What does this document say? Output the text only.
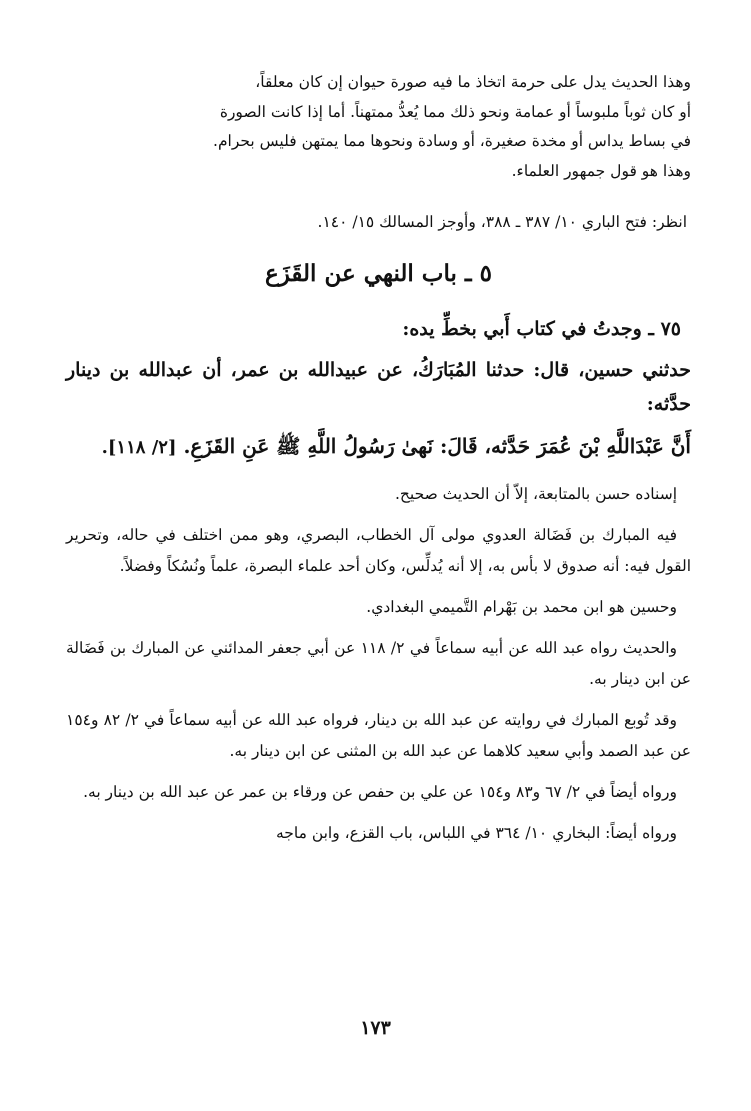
وهذا الحديث يدل على حرمة اتخاذ ما فيه صورة حيوان إن كان معلقاً،
أو كان ثوباً ملبوساً أو عمامة ونحو ذلك مما يُعدُّ ممتهناً. أما إذا كانت الصورة
في بساط يداس أو مخدة صغيرة، أو وسادة ونحوها مما يمتهن فليس بحرام.
وهذا هو قول جمهور العلماء.
انظر: فتح الباري ١٠/ ٣٨٧ ـ ٣٨٨، وأوجز المسالك ١٥/ ١٤٠.
٥ ـ باب النهي عن القَزَع
٧٥ ـ وجدتُ في كتاب أَبي بخطِّ يده:
حدثني حسين، قال: حدثنا المُبَارَكُ، عن عبيدالله بن عمر، أن عبدالله بن دينار حدَّثه:
أَنَّ عَبْدَاللَّهِ بْنَ عُمَرَ حَدَّثه، قَالَ: نَهىٰ رَسُولُ اللَّهِ ﷺ عَنِ القَزَعِ. [٢/ ١١٨].
إسناده حسن بالمتابعة، إلاّ أن الحديث صحيح.
فيه المبارك بن فَضَالة العدوي مولى آل الخطاب، البصري، وهو ممن اختلف في حاله، وتحرير القول فيه: أنه صدوق لا بأس به، إلا أنه يُدلِّس، وكان أحد علماء البصرة، علماً ونُسُكاً وفضلاً.
وحسين هو ابن محمد بن بَهْرام التَّميمي البغدادي.
والحديث رواه عبد الله عن أبيه سماعاً في ٢/ ١١٨ عن أبي جعفر المدائني عن المبارك بن فَضَالة عن ابن دينار به.
وقد تُوبع المبارك في روايته عن عبد الله بن دينار، فرواه عبد الله عن أبيه سماعاً في ٢/ ٨٢ و١٥٤ عن عبد الصمد وأبي سعيد كلاهما عن عبد الله بن المثنى عن ابن دينار به.
ورواه أيضاً في ٢/ ٦٧ و٨٣ و١٥٤ عن علي بن حفص عن ورقاء بن عمر عن عبد الله بن دينار به.
ورواه أيضاً: البخاري ١٠/ ٣٦٤ في اللباس، باب القزع، وابن ماجه
١٧٣
